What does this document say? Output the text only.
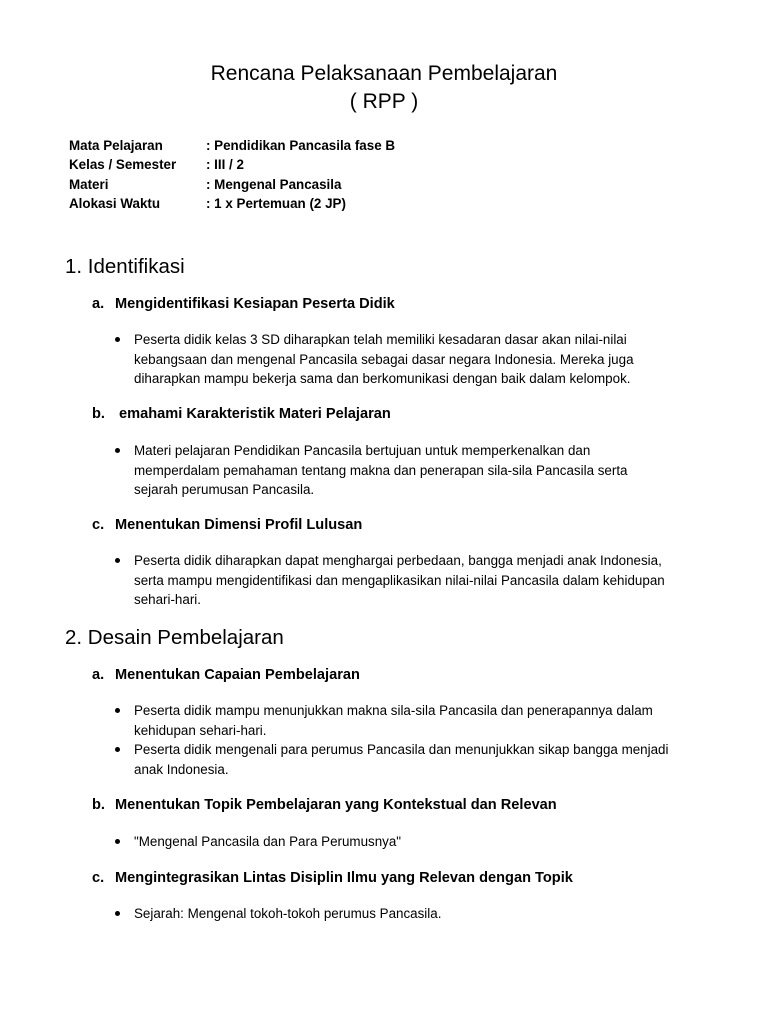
Rencana Pelaksanaan Pembelajaran
( RPP )
Mata Pelajaran	: Pendidikan Pancasila fase B
Kelas / Semester	: III / 2
Materi	: Mengenal Pancasila
Alokasi Waktu	: 1 x Pertemuan (2 JP)
1. Identifikasi
a. Mengidentifikasi Kesiapan Peserta Didik
Peserta didik kelas 3 SD diharapkan telah memiliki kesadaran dasar akan nilai-nilai
kebangsaan dan mengenal Pancasila sebagai dasar negara Indonesia. Mereka juga
diharapkan mampu bekerja sama dan berkomunikasi dengan baik dalam kelompok.
b. emahami Karakteristik Materi Pelajaran
Materi pelajaran Pendidikan Pancasila bertujuan untuk memperkenalkan dan
memperdalam pemahaman tentang makna dan penerapan sila-sila Pancasila serta
sejarah perumusan Pancasila.
c. Menentukan Dimensi Profil Lulusan
Peserta didik diharapkan dapat menghargai perbedaan, bangga menjadi anak Indonesia,
serta mampu mengidentifikasi dan mengaplikasikan nilai-nilai Pancasila dalam kehidupan
sehari-hari.
2. Desain Pembelajaran
a. Menentukan Capaian Pembelajaran
Peserta didik mampu menunjukkan makna sila-sila Pancasila dan penerapannya dalam
kehidupan sehari-hari.
Peserta didik mengenali para perumus Pancasila dan menunjukkan sikap bangga menjadi
anak Indonesia.
b. Menentukan Topik Pembelajaran yang Kontekstual dan Relevan
"Mengenal Pancasila dan Para Perumusnya"
c. Mengintegrasikan Lintas Disiplin Ilmu yang Relevan dengan Topik
Sejarah: Mengenal tokoh-tokoh perumus Pancasila.
